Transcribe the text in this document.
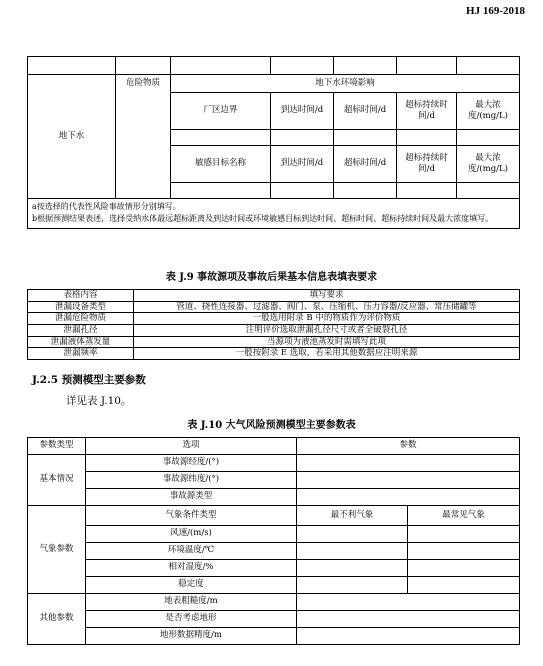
HJ 169-2018

地下水	危险物质	地下水环境影响					
		厂区边界	到达时间/d	超标时间/d	超标持续时间/d	最大浓度/(mg/L)	

		敏感目标名称	到达时间/d	超标时间/d	超标持续时间/d	最大浓度/(mg/L)	

a按选择的代表性风险事故情形分别填写。
b根据预测结果表述，选择受纳水体最远超标距离及到达时间或环境敏感目标到达时间、超标时间、超标持续时间及最大浓度填写。							
表 J.9 事故源项及事故后果基本信息表填表要求
表格内容	填写要求
泄漏设备类型	管道、挠性连接器、过滤器、阀门、泵、压缩机、压力容器/反应器、常压储罐等
泄漏危险物质	一般选用附录 B 中的物质作为评价物质
泄漏孔径	注明评价选取泄漏孔径尺寸或者全破裂孔径
泄漏液体蒸发量	当源项为液池蒸发时需填写此项
泄漏频率	一般按附录 E 选取，若采用其他数据应注明来源
J.2.5 预测模型主要参数
详见表 J.10。
表 J.10 大气风险预测模型主要参数表
参数类型	选项	参数	
基本情况	事故源经度/(°)		
	事故源纬度/(°)		
	事故源类型		
气象参数	气象条件类型	最不利气象	最常见气象
	风速/(m/s)		
	环境温度/℃		
	相对湿度/%		
	稳定度		
其他参数	地表粗糙度/m		
	是否考虑地形		
	地形数据精度/m		
